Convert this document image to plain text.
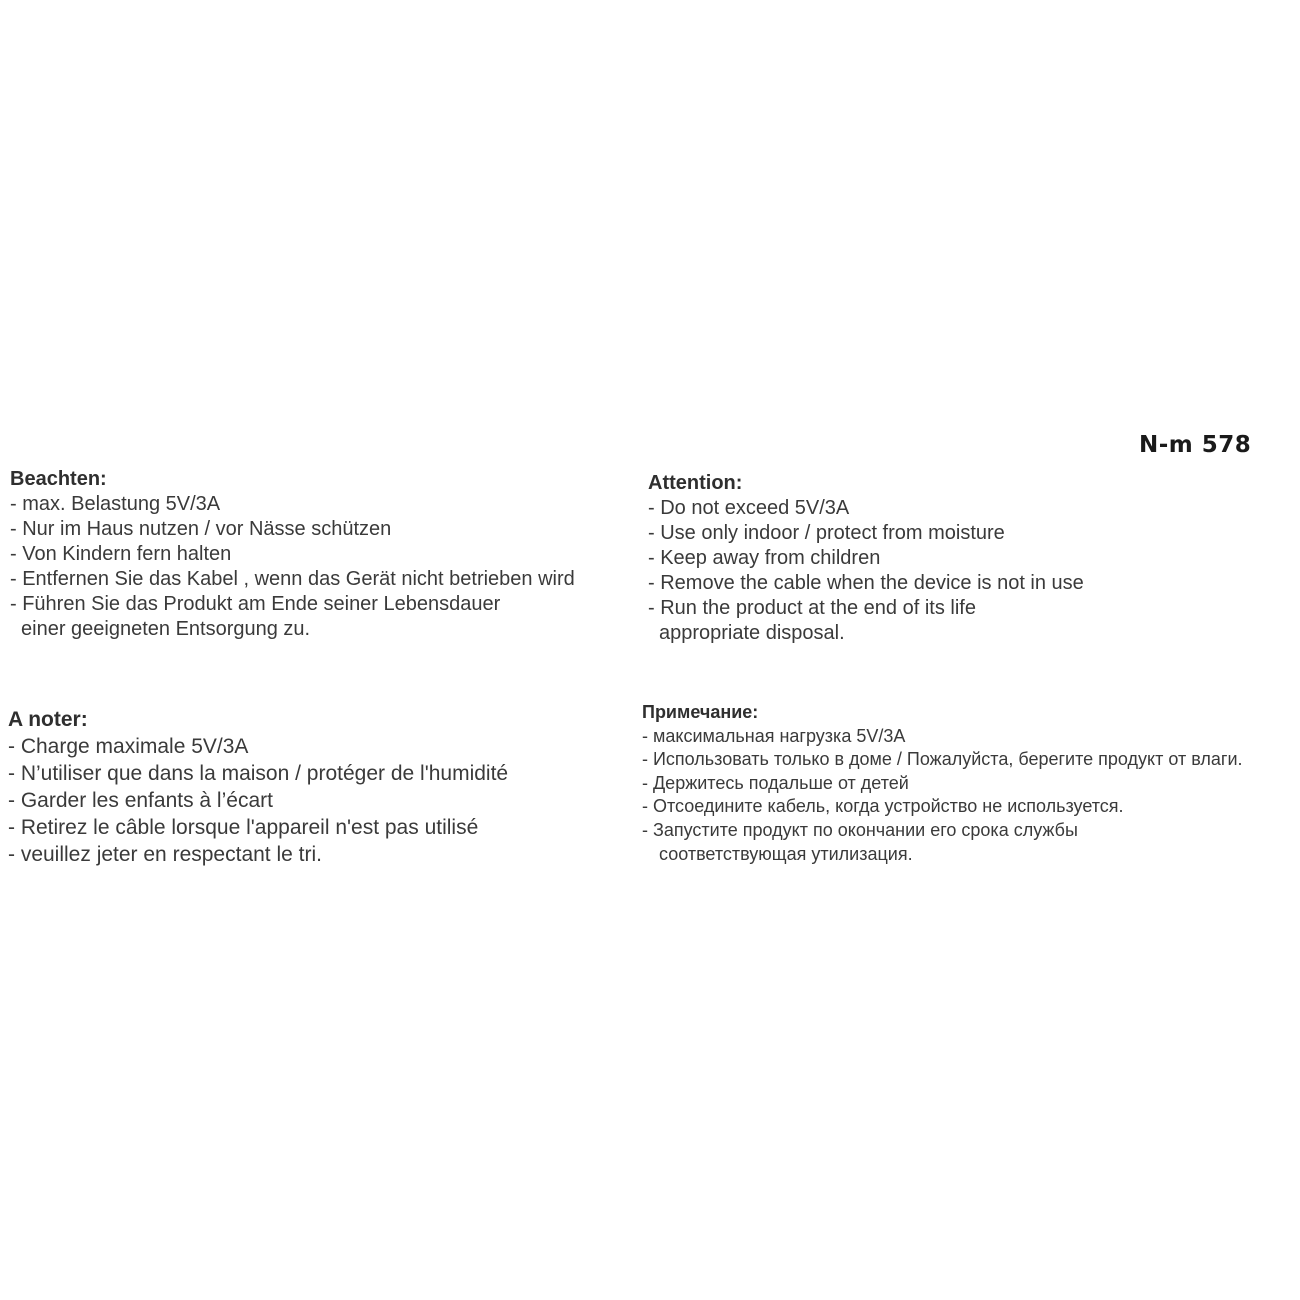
N-m 578
Beachten:
- max. Belastung 5V/3A
- Nur im Haus nutzen / vor Nässe schützen
- Von Kindern fern halten
- Entfernen Sie das Kabel , wenn das Gerät nicht betrieben wird
- Führen Sie das Produkt am Ende seiner Lebensdauer
einer geeigneten Entsorgung zu.
Attention:
- Do not exceed 5V/3A
- Use only indoor / protect from moisture
- Keep away from children
- Remove the cable when the device is not in use
- Run the product at the end of its life
appropriate disposal.
A noter:
- Charge maximale 5V/3A
- N’utiliser que dans la maison / protéger de l'humidité
- Garder les enfants à l’écart
- Retirez le câble lorsque l'appareil n'est pas utilisé
- veuillez jeter en respectant le tri.
Примечание:
- максимальная нагрузка 5V/3A
- Использовать только в доме / Пожалуйста, берегите продукт от влаги.
- Держитесь подальше от детей
- Отсоедините кабель, когда устройство не используется.
- Запустите продукт по окончании его срока службы
соответствующая утилизация.
